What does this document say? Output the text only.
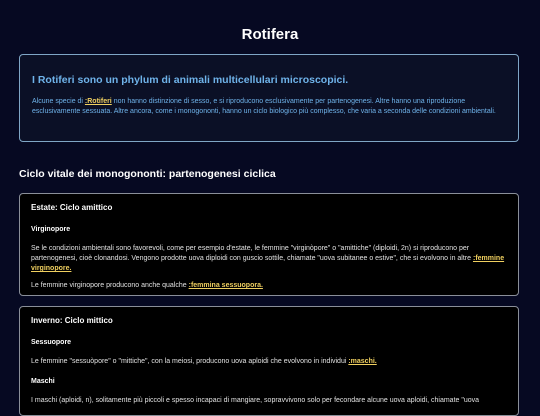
Rotifera
I Rotiferi sono un phylum di animali multicellulari microscopici.
Alcune specie di :Rotiferi non hanno distinzione di sesso, e si riproducono esclusivamente per partenogenesi. Altre hanno una riproduzione esclusivamente sessuata. Altre ancora, come i monogononti, hanno un ciclo biologico più complesso, che varia a seconda delle condizioni ambientali.
Ciclo vitale dei monogononti: partenogenesi ciclica
Estate: Ciclo amittico
Virginopore
Se le condizioni ambientali sono favorevoli, come per esempio d'estate, le femmine "virginòpore" o "amittiche" (diploidi, 2n) si riproducono per partenogenesi, cioè clonandosi. Vengono prodotte uova diploidi con guscio sottile, chiamate "uova subitanee o estive", che si evolvono in altre :femmine virginopore.
Le femmine virginopore producono anche qualche :femmina sessuopora.
Inverno: Ciclo mittico
Sessuopore
Le femmine "sessuòpore" o "mittiche", con la meiosi, producono uova aploidi che evolvono in individui :maschi.
Maschi
I maschi (aploidi, n), solitamente più piccoli e spesso incapaci di mangiare, sopravvivono solo per fecondare alcune uova aploidi, chiamate "uova
